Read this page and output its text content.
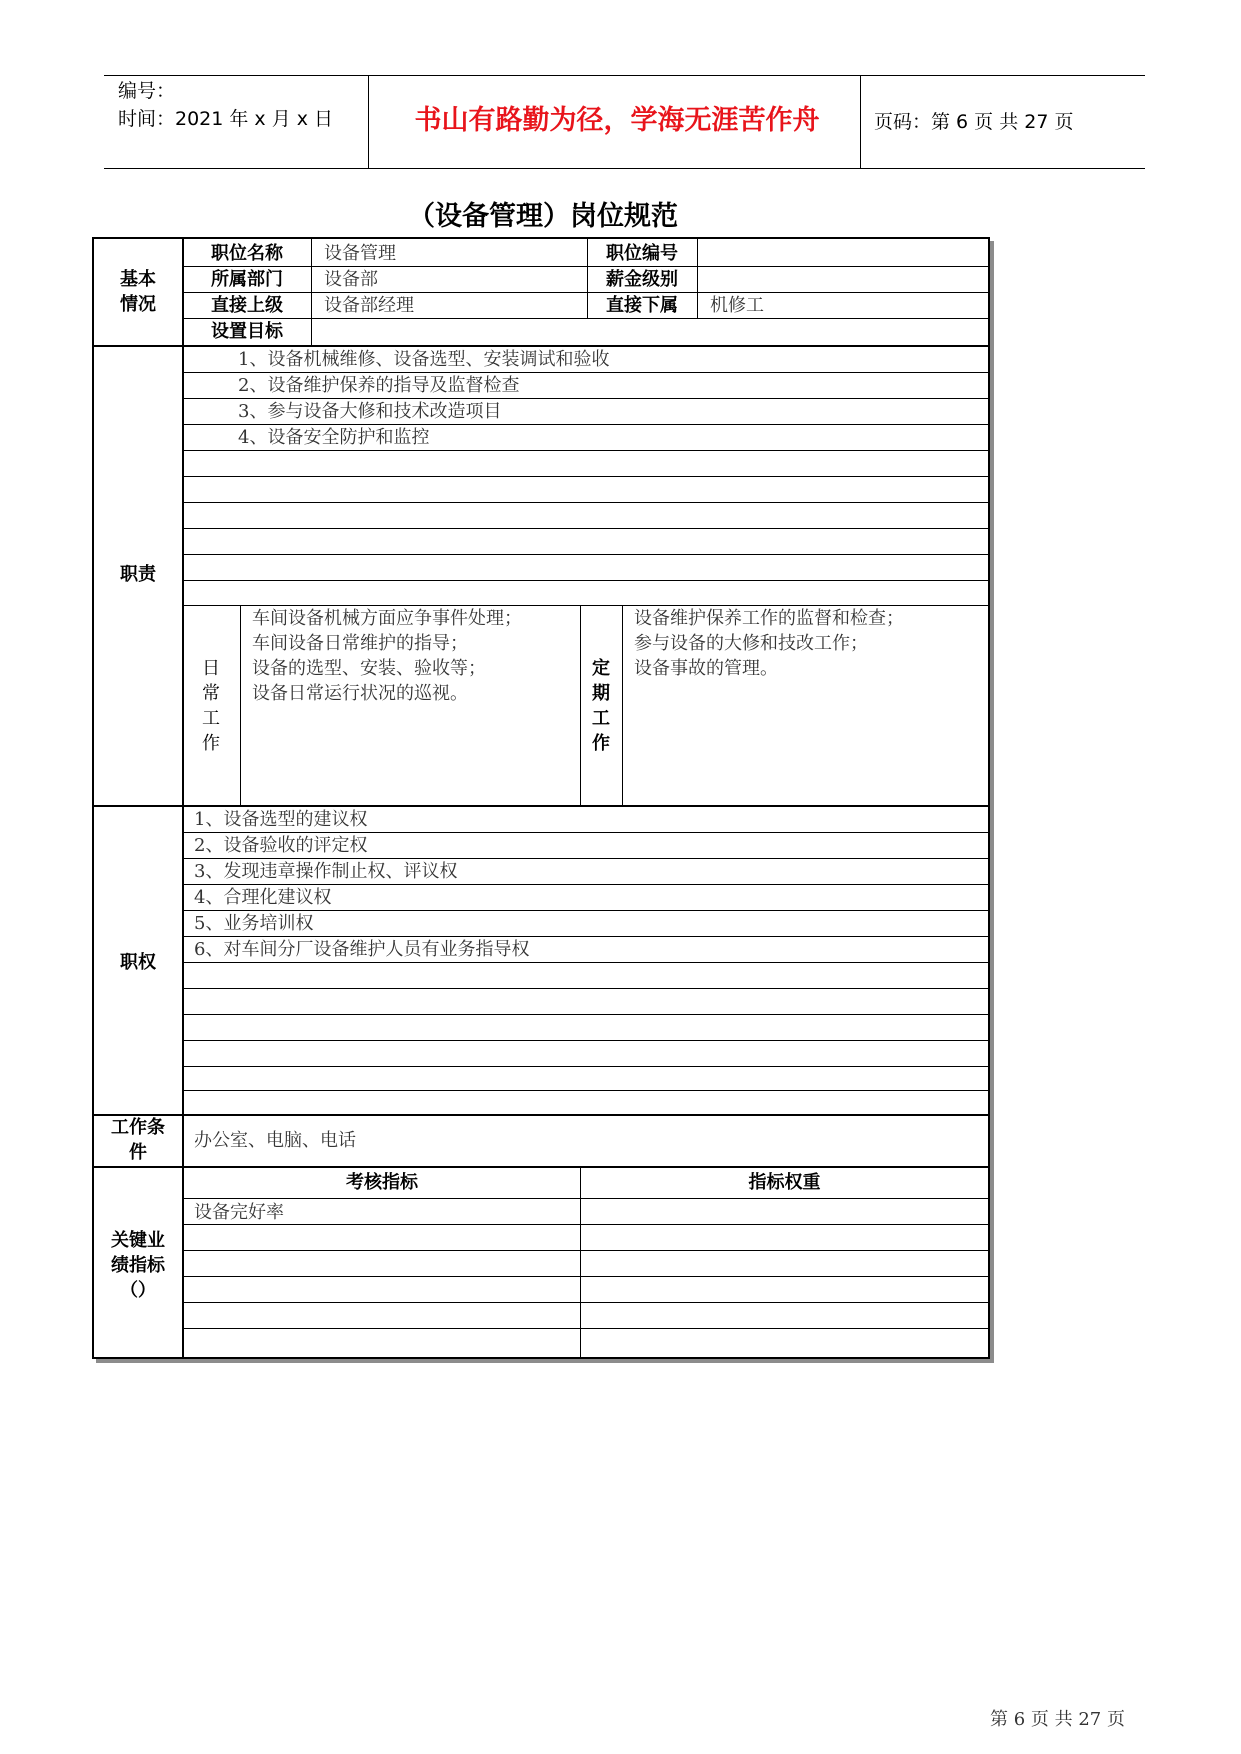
编号：
时间：2021 年 x 月 x 日	书山有路勤为径，学海无涯苦作舟	页码：第 6 页 共 27 页
（设备管理）岗位规范
基本
情况
职位名称	设备管理	职位编号
所属部门	设备部	薪金级别
直接上级	设备部经理	直接下属	机修工
设置目标
职责
1、设备机械维修、设备选型、安装调试和验收
2、设备维护保养的指导及监督检查
3、参与设备大修和技术改造项目
4、设备安全防护和监控
日
常
工
作
车间设备机械方面应争事件处理；
车间设备日常维护的指导；
设备的选型、安装、验收等；
设备日常运行状况的巡视。
定
期
工
作
设备维护保养工作的监督和检查；
参与设备的大修和技改工作；
设备事故的管理。
职权
1、设备选型的建议权
2、设备验收的评定权
3、发现违章操作制止权、评议权
4、合理化建议权
5、业务培训权
6、对车间分厂设备维护人员有业务指导权
工作条
件
办公室、电脑、电话
关键业
绩指标
（）
考核指标	指标权重
设备完好率
第 6 页 共 27 页
